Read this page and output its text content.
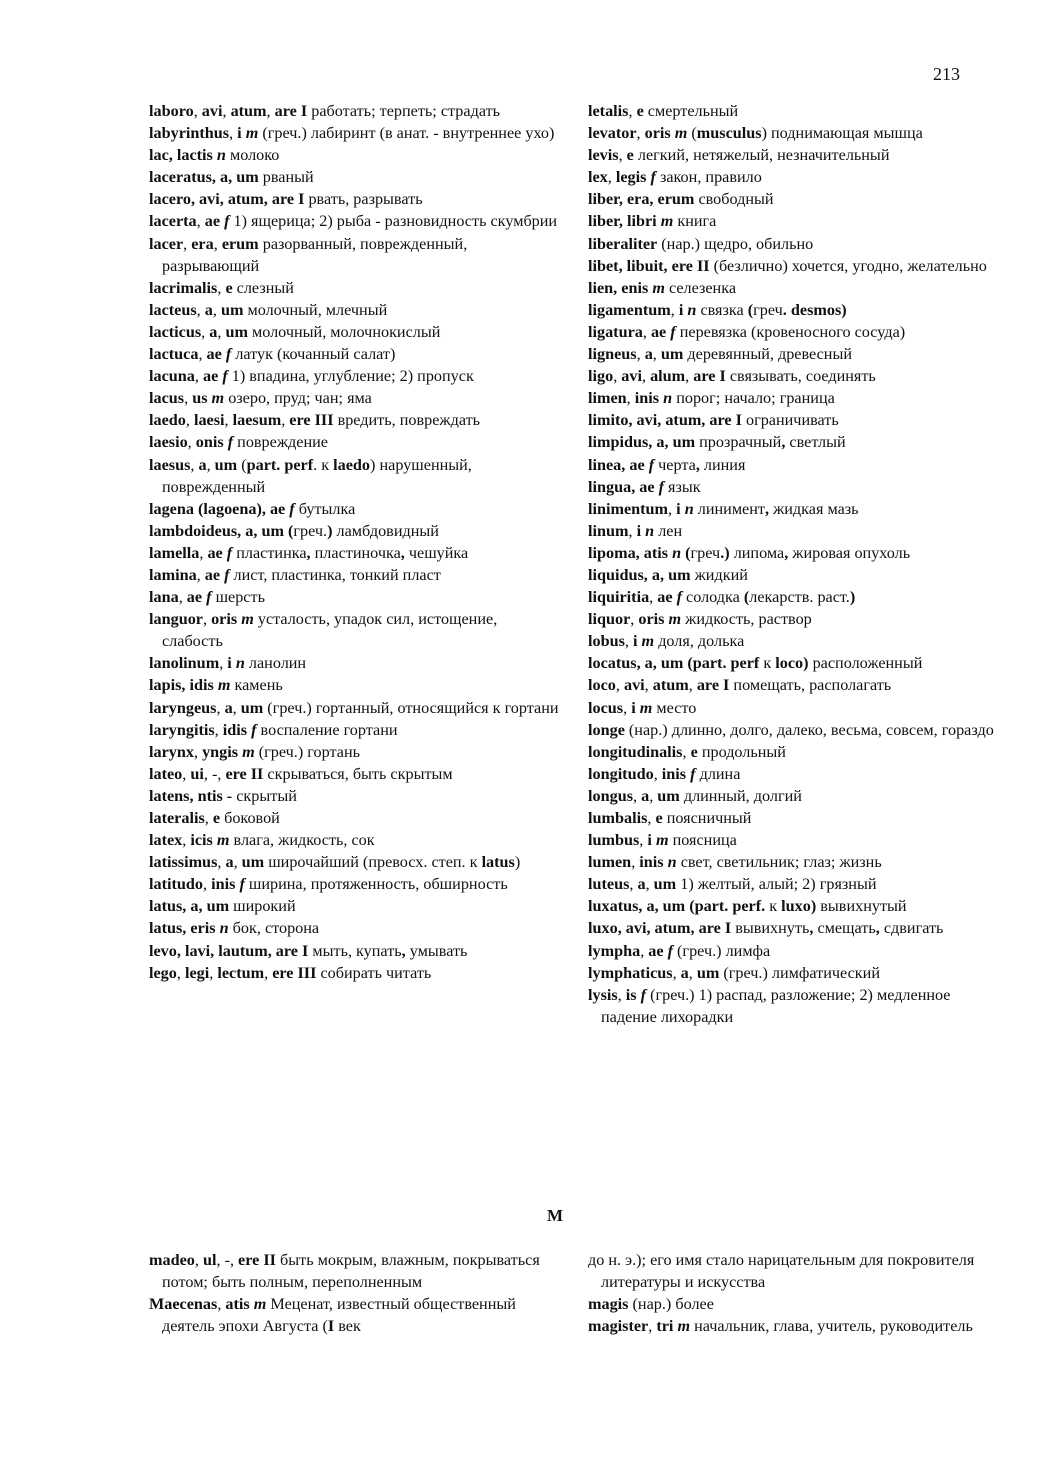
213

laboro, avi, atum, are I работать; терпеть; страдать

labyrinthus, i m (греч.) лабиринт (в анат. - внутреннее ухо)

lac, lactis n молоко

laceratus, a, um рваный

lacero, avi, atum, are I рвать, разрывать

lacerta, ae f 1) ящерица; 2) рыба - разновидность скумбрии

lacer, era, erum разорванный, поврежденный, разрывающий

lacrimalis, e слезный

lacteus, a, um молочный, млечный

lacticus, a, um молочный, молочнокислый

lactuca, ae f латук (кочанный салат)

lacuna, ae f 1) впадина, углубление; 2) пропуск

lacus, us m озеро, пруд; чан; яма

laedo, laesi, laesum, ere III вредить, повреждать

laesio, onis f повреждение

laesus, a, um (part. perf. к laedo) нарушенный, поврежденный

lagena (lagoena), ae f бутылка

lambdoideus, a, um (греч.) ламбдовидный

lamella, ae f пластинка, пластиночка, чешуйка

lamina, ae f лист, пластинка, тонкий пласт

lana, ae f шерсть

languor, oris m усталость, упадок сил, истощение, слабость

lanolinum, i n ланолин

lapis, idis m камень

laryngeus, a, um (греч.) гортанный, относящийся к гортани

laryngitis, idis f воспаление гортани

larynx, yngis m (греч.) гортань

lateo, ui, -, ere II скрываться, быть скрытым

latens, ntis - скрытый

lateralis, e боковой

latex, icis m влага, жидкость, сок

latissimus, a, um широчайший (превосх. степ. к latus)

latitudo, inis f ширина, протяженность, обширность

latus, a, um широкий

latus, eris n бок, сторона

levo, lavi, lautum, are I мыть, купать, умывать

lego, legi, lectum, ere III собирать читать

letalis, e смертельный

levator, oris m (musculus) поднимающая мышца

levis, e легкий, нетяжелый, незначительный

lex, legis f закон, правило

liber, era, erum свободный

liber, libri m книга

liberaliter (нар.) щедро, обильно

libet, libuit, ere II (безлично) хочется, угодно, желательно

lien, enis m селезенка

ligamentum, i n связка (греч. desmos)

ligatura, ae f перевязка (кровеносного сосуда)

ligneus, a, um деревянный, древесный

ligo, avi, alum, are I связывать, соединять

limen, inis n порог; начало; граница

limito, avi, atum, are I ограничивать

limpidus, a, um прозрачный, светлый

linea, ae f черта, линия

lingua, ae f язык

linimentum, i n линимент, жидкая мазь

linum, i n лен

lipoma, atis n (греч.) липома, жировая опухоль

liquidus, a, um жидкий

liquiritia, ae f солодка (лекарств. раст.)

liquor, oris m жидкость, раствор

lobus, i m доля, долька

locatus, a, um (part. perf к loco) расположенный

loco, avi, atum, are I помещать, располагать

locus, i m место

longe (нар.) длинно, долго, далеко, весьма, совсем, гораздо

longitudinalis, e продольный

longitudo, inis f длина

longus, a, um длинный, долгий

lumbalis, e поясничный

lumbus, i m поясница

lumen, inis n свет, светильник; глаз; жизнь

luteus, a, um 1) желтый, алый; 2) грязный

luxatus, a, um (part. perf. к luxo) вывихнутый

luxo, avi, atum, are I вывихнуть, смещать, сдвигать

lympha, ae f (греч.) лимфа

lymphaticus, a, um (греч.) лимфатический

lysis, is f (греч.) 1) распад, разложение; 2) медленное падение лихорадки

M

madeo, ul, -, ere II быть мокрым, влажным, покрываться потом; быть полным, переполненным

Maecenas, atis m Меценат, известный общественный деятель эпохи Августа (I век

до н. э.); его имя стало нарицательным для покровителя литературы и искусства

magis (нар.) более

magister, tri m начальник, глава, учитель, руководитель
